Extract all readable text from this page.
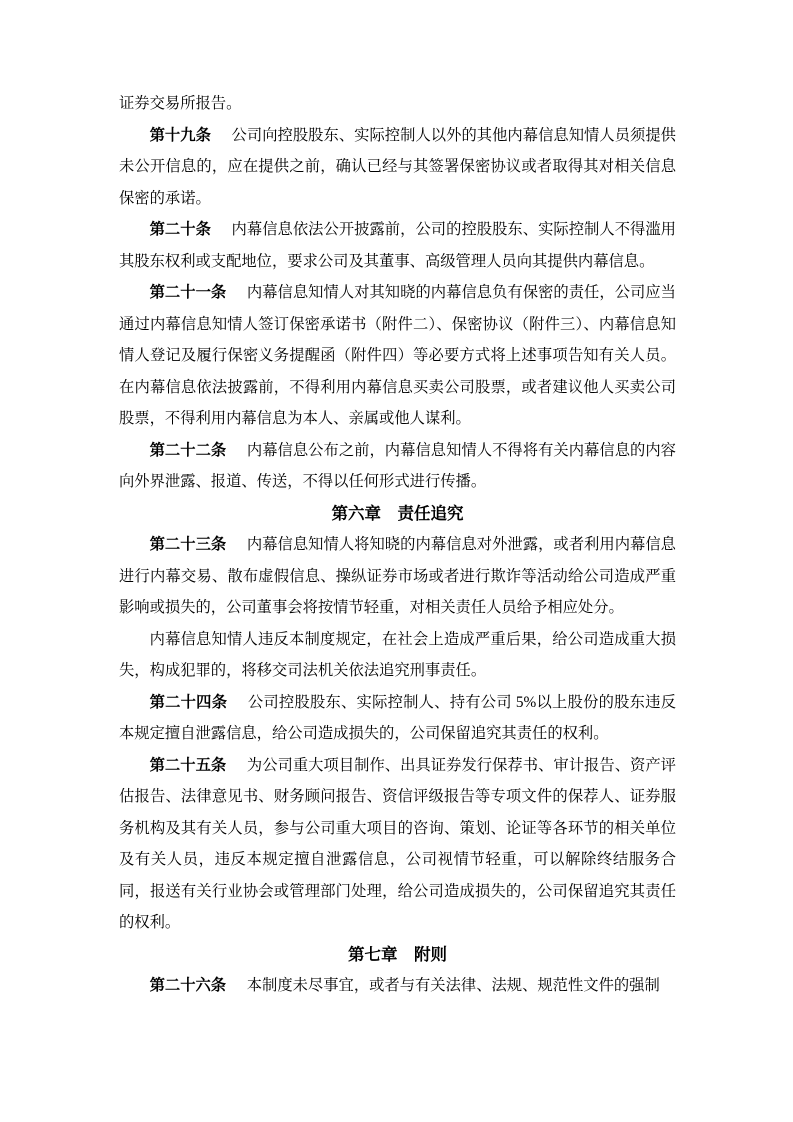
证券交易所报告。

第十九条 公司向控股股东、实际控制人以外的其他内幕信息知情人员须提供未公开信息的，应在提供之前，确认已经与其签署保密协议或者取得其对相关信息保密的承诺。

第二十条 内幕信息依法公开披露前，公司的控股股东、实际控制人不得滥用其股东权利或支配地位，要求公司及其董事、高级管理人员向其提供内幕信息。

第二十一条 内幕信息知情人对其知晓的内幕信息负有保密的责任，公司应当通过内幕信息知情人签订保密承诺书（附件二）、保密协议（附件三）、内幕信息知情人登记及履行保密义务提醒函（附件四）等必要方式将上述事项告知有关人员。在内幕信息依法披露前，不得利用内幕信息买卖公司股票，或者建议他人买卖公司股票，不得利用内幕信息为本人、亲属或他人谋利。

第二十二条 内幕信息公布之前，内幕信息知情人不得将有关内幕信息的内容向外界泄露、报道、传送，不得以任何形式进行传播。

第六章　责任追究

第二十三条 内幕信息知情人将知晓的内幕信息对外泄露，或者利用内幕信息进行内幕交易、散布虚假信息、操纵证券市场或者进行欺诈等活动给公司造成严重影响或损失的，公司董事会将按情节轻重，对相关责任人员给予相应处分。

内幕信息知情人违反本制度规定，在社会上造成严重后果，给公司造成重大损失，构成犯罪的，将移交司法机关依法追究刑事责任。

第二十四条 公司控股股东、实际控制人、持有公司 5%以上股份的股东违反本规定擅自泄露信息，给公司造成损失的，公司保留追究其责任的权利。

第二十五条 为公司重大项目制作、出具证券发行保荐书、审计报告、资产评估报告、法律意见书、财务顾问报告、资信评级报告等专项文件的保荐人、证券服务机构及其有关人员，参与公司重大项目的咨询、策划、论证等各环节的相关单位及有关人员，违反本规定擅自泄露信息，公司视情节轻重，可以解除终结服务合同，报送有关行业协会或管理部门处理，给公司造成损失的，公司保留追究其责任的权利。

第七章　附则

第二十六条 本制度未尽事宜，或者与有关法律、法规、规范性文件的强制
